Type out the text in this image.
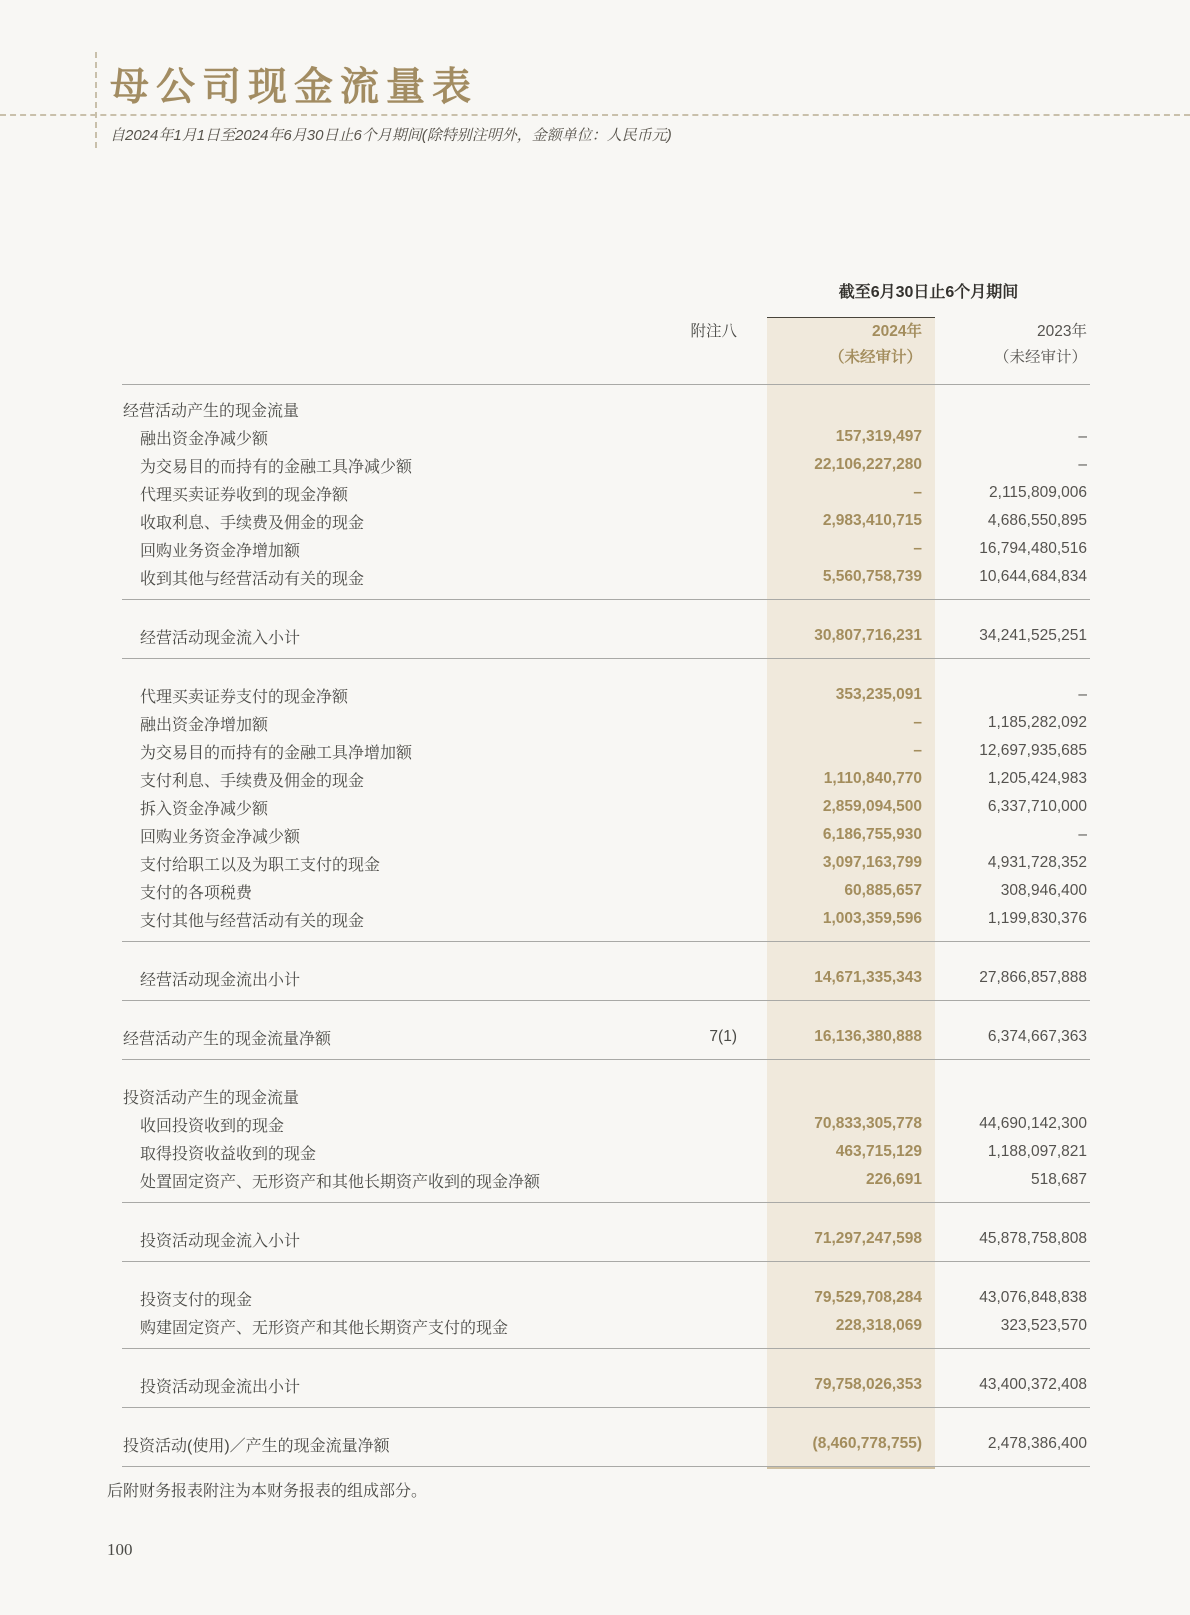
母公司现金流量表
自2024年1月1日至2024年6月30日止6个月期间(除特别注明外，金额单位：人民币元)
截至6月30日止6个月期间
附注八	2024年	2023年
（未经审计）	（未经审计）
经营活动产生的现金流量
融出资金净减少额	157,319,497	–
为交易目的而持有的金融工具净减少额	22,106,227,280	–
代理买卖证券收到的现金净额	–	2,115,809,006
收取利息、手续费及佣金的现金	2,983,410,715	4,686,550,895
回购业务资金净增加额	–	16,794,480,516
收到其他与经营活动有关的现金	5,560,758,739	10,644,684,834
经营活动现金流入小计	30,807,716,231	34,241,525,251
代理买卖证券支付的现金净额	353,235,091	–
融出资金净增加额	–	1,185,282,092
为交易目的而持有的金融工具净增加额	–	12,697,935,685
支付利息、手续费及佣金的现金	1,110,840,770	1,205,424,983
拆入资金净减少额	2,859,094,500	6,337,710,000
回购业务资金净减少额	6,186,755,930	–
支付给职工以及为职工支付的现金	3,097,163,799	4,931,728,352
支付的各项税费	60,885,657	308,946,400
支付其他与经营活动有关的现金	1,003,359,596	1,199,830,376
经营活动现金流出小计	14,671,335,343	27,866,857,888
经营活动产生的现金流量净额	7(1)	16,136,380,888	6,374,667,363
投资活动产生的现金流量
收回投资收到的现金	70,833,305,778	44,690,142,300
取得投资收益收到的现金	463,715,129	1,188,097,821
处置固定资产、无形资产和其他长期资产收到的现金净额	226,691	518,687
投资活动现金流入小计	71,297,247,598	45,878,758,808
投资支付的现金	79,529,708,284	43,076,848,838
购建固定资产、无形资产和其他长期资产支付的现金	228,318,069	323,523,570
投资活动现金流出小计	79,758,026,353	43,400,372,408
投资活动(使用)／产生的现金流量净额	(8,460,778,755)	2,478,386,400
后附财务报表附注为本财务报表的组成部分。
100
